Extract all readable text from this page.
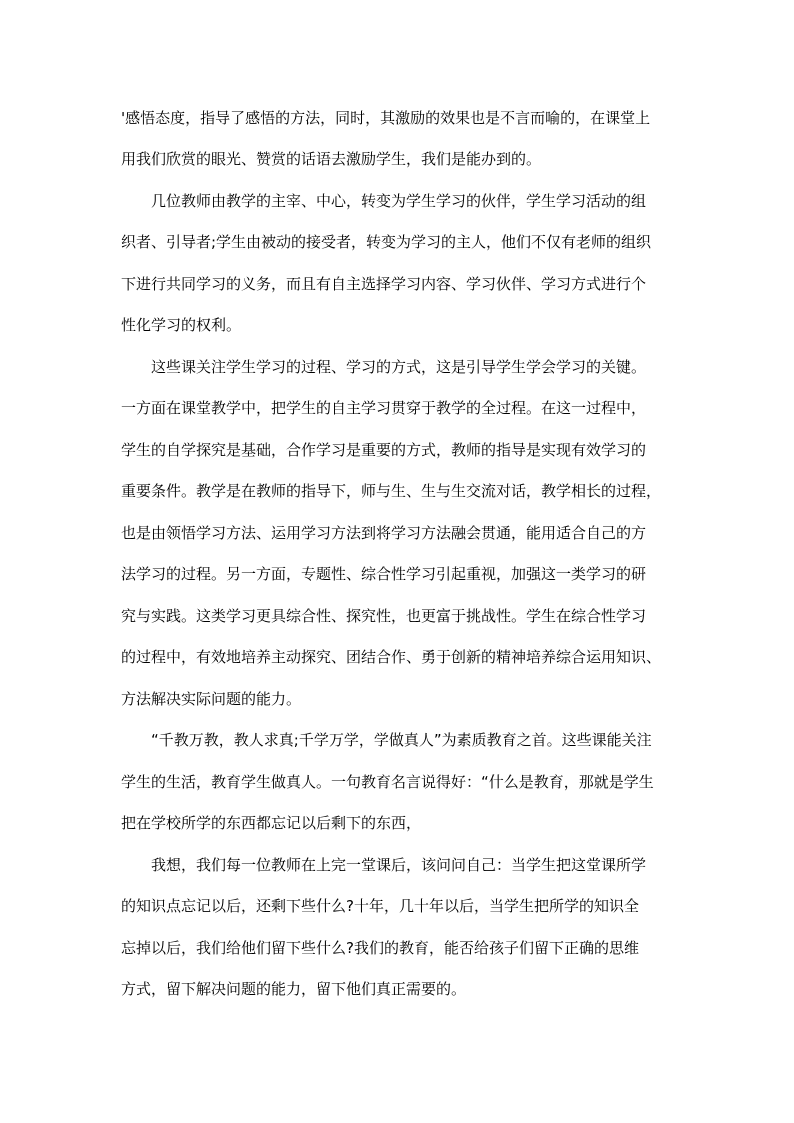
'感悟态度，指导了感悟的方法，同时，其激励的效果也是不言而喻的，在课堂上
用我们欣赏的眼光、赞赏的话语去激励学生，我们是能办到的。
几位教师由教学的主宰、中心，转变为学生学习的伙伴，学生学习活动的组
织者、引导者;学生由被动的接受者，转变为学习的主人，他们不仅有老师的组织
下进行共同学习的义务，而且有自主选择学习内容、学习伙伴、学习方式进行个
性化学习的权利。
这些课关注学生学习的过程、学习的方式，这是引导学生学会学习的关键。
一方面在课堂教学中，把学生的自主学习贯穿于教学的全过程。在这一过程中，
学生的自学探究是基础，合作学习是重要的方式，教师的指导是实现有效学习的
重要条件。教学是在教师的指导下，师与生、生与生交流对话，教学相长的过程，
也是由领悟学习方法、运用学习方法到将学习方法融会贯通，能用适合自己的方
法学习的过程。另一方面，专题性、综合性学习引起重视，加强这一类学习的研
究与实践。这类学习更具综合性、探究性，也更富于挑战性。学生在综合性学习
的过程中，有效地培养主动探究、团结合作、勇于创新的精神培养综合运用知识、
方法解决实际问题的能力。
“千教万教，教人求真;千学万学，学做真人”为素质教育之首。这些课能关注
学生的生活，教育学生做真人。一句教育名言说得好：“什么是教育，那就是学生
把在学校所学的东西都忘记以后剩下的东西，
我想，我们每一位教师在上完一堂课后，该问问自己：当学生把这堂课所学
的知识点忘记以后，还剩下些什么?十年，几十年以后，当学生把所学的知识全
忘掉以后，我们给他们留下些什么?我们的教育，能否给孩子们留下正确的思维
方式，留下解决问题的能力，留下他们真正需要的。
